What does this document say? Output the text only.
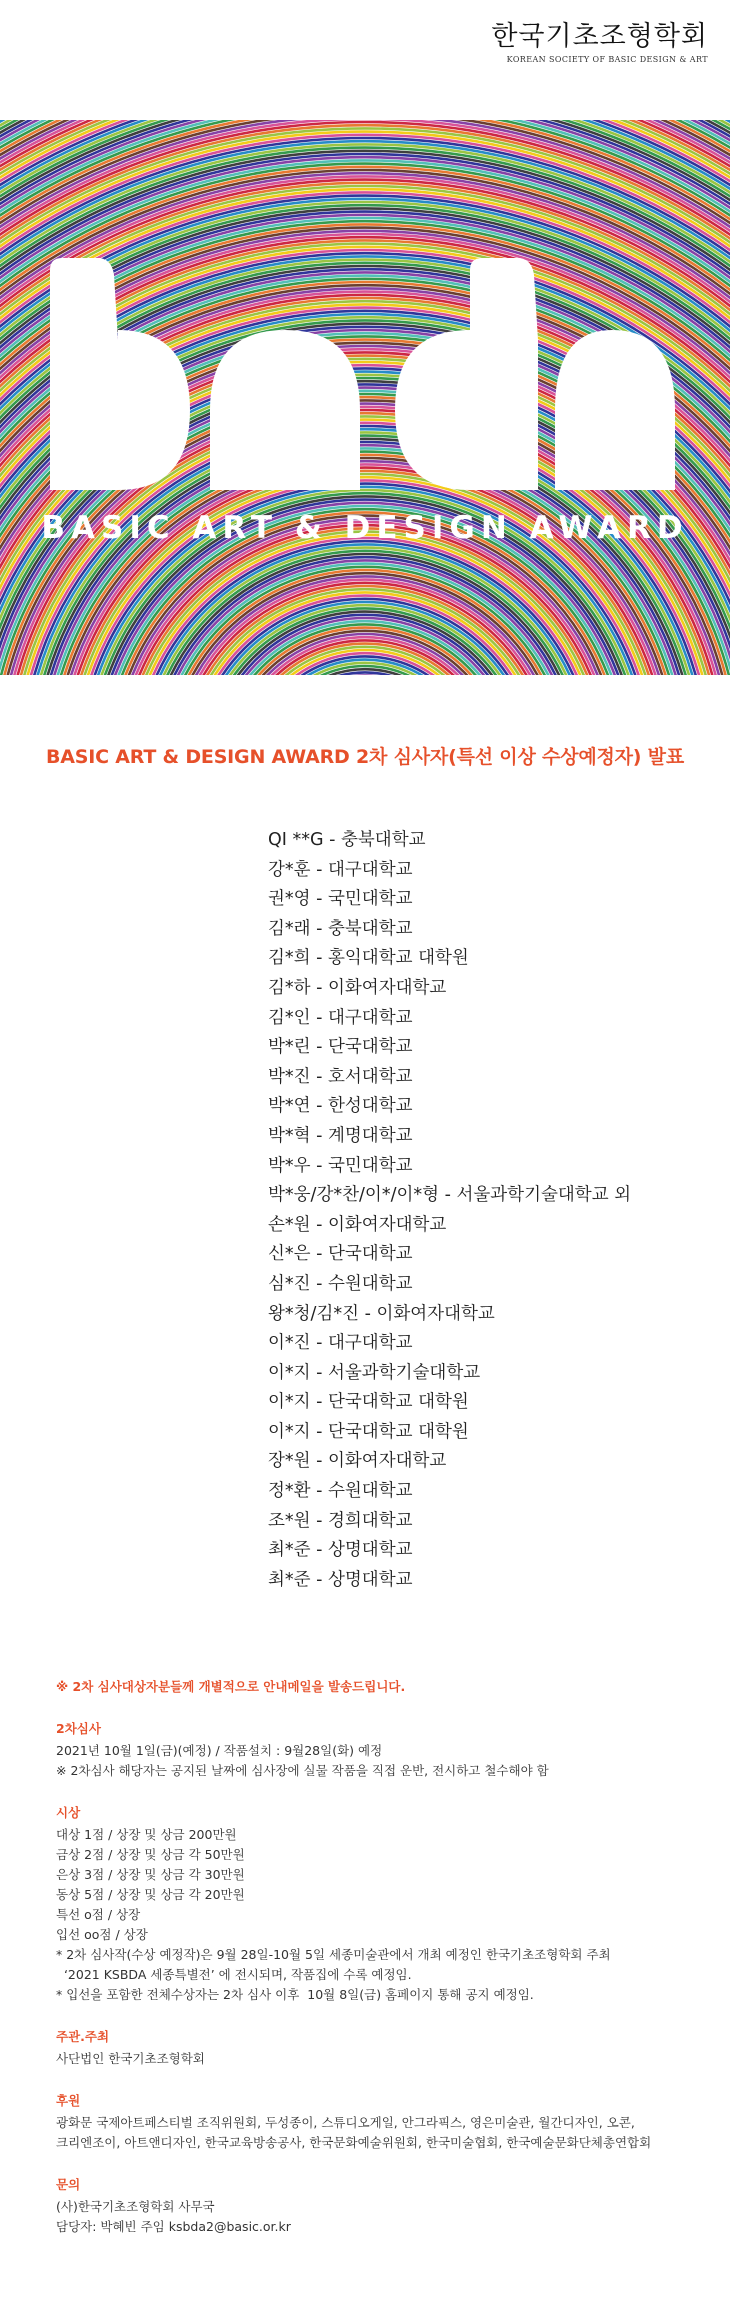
한국기초조형학회
KOREAN SOCIETY OF BASIC DESIGN & ART
BASIC ART & DESIGN AWARD
BASIC ART & DESIGN AWARD 2차 심사자(특선 이상 수상예정자) 발표
QI **G - 충북대학교
강*훈 - 대구대학교
권*영 - 국민대학교
김*래 - 충북대학교
김*희 - 홍익대학교 대학원
김*하 - 이화여자대학교
김*인 - 대구대학교
박*린 - 단국대학교
박*진 - 호서대학교
박*연 - 한성대학교
박*혁 - 계명대학교
박*우 - 국민대학교
박*웅/강*찬/이*/이*형 - 서울과학기술대학교 외
손*원 - 이화여자대학교
신*은 - 단국대학교
심*진 - 수원대학교
왕*청/김*진 - 이화여자대학교
이*진 - 대구대학교
이*지 - 서울과학기술대학교
이*지 - 단국대학교 대학원
이*지 - 단국대학교 대학원
장*원 - 이화여자대학교
정*환 - 수원대학교
조*원 - 경희대학교
최*준 - 상명대학교
최*준 - 상명대학교
※ 2차 심사대상자분들께 개별적으로 안내메일을 발송드립니다.
2차심사

2021년 10월 1일(금)(예정) / 작품설치 : 9월28일(화) 예정
※ 2차심사 해당자는 공지된 날짜에 심사장에 실물 작품을 직접 운반, 전시하고 철수해야 함

시상

대상 1점 / 상장 및 상금 200만원
금상 2점 / 상장 및 상금 각 50만원
은상 3점 / 상장 및 상금 각 30만원
동상 5점 / 상장 및 상금 각 20만원
특선 o점 / 상장
입선 oo점 / 상장
* 2차 심사작(수상 예정작)은 9월 28일-10월 5일 세종미술관에서 개최 예정인 한국기초조형학회 주최
‘2021 KSBDA 세종특별전’ 에 전시되며, 작품집에 수록 예정임.
* 입선을 포함한 전체수상자는 2차 심사 이후  10월 8일(금) 홈페이지 통해 공지 예정임.

주관.주최

사단법인 한국기초조형학회

후원

광화문 국제아트페스티벌 조직위원회, 두성종이, 스튜디오게일, 안그라픽스, 영은미술관, 월간디자인, 오콘,
크리엔조이, 아트앤디자인, 한국교육방송공사, 한국문화예술위원회, 한국미술협회, 한국예술문화단체총연합회

문의

(사)한국기초조형학회 사무국
담당자: 박혜빈 주임 ksbda2@basic.or.kr
